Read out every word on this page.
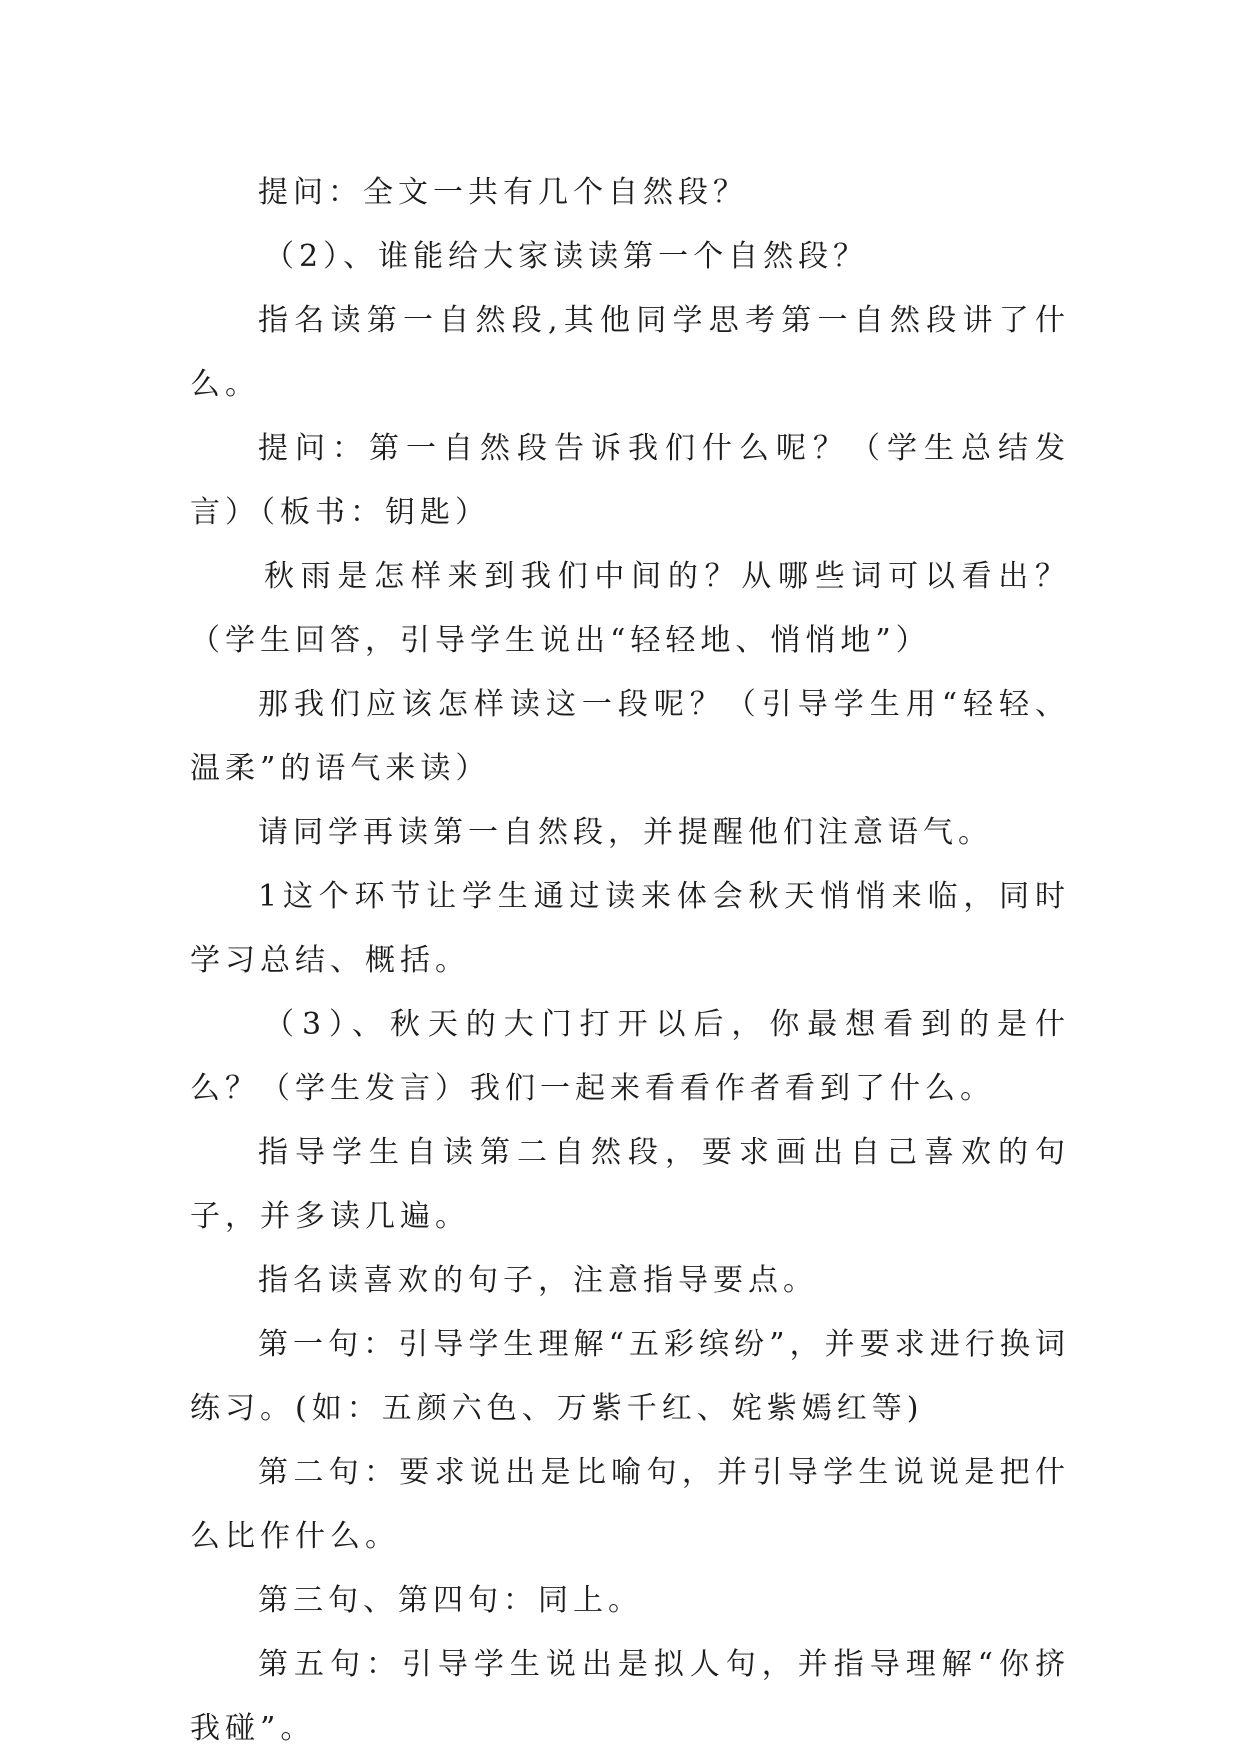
提问：全文一共有几个自然段？

（2）、谁能给大家读读第一个自然段？

指名读第一自然段,其他同学思考第一自然段讲了什么。

提问：第一自然段告诉我们什么呢？（学生总结发言）（板书：钥匙）

秋雨是怎样来到我们中间的？从哪些词可以看出？（学生回答，引导学生说出“轻轻地、悄悄地”）

那我们应该怎样读这一段呢？（引导学生用“轻轻、温柔”的语气来读）

请同学再读第一自然段，并提醒他们注意语气。

1这个环节让学生通过读来体会秋天悄悄来临，同时学习总结、概括。

（3）、秋天的大门打开以后，你最想看到的是什么？（学生发言）我们一起来看看作者看到了什么。

指导学生自读第二自然段，要求画出自己喜欢的句子，并多读几遍。

指名读喜欢的句子，注意指导要点。

第一句：引导学生理解“五彩缤纷”，并要求进行换词练习。(如：五颜六色、万紫千红、姹紫嫣红等)

第二句：要求说出是比喻句，并引导学生说说是把什么比作什么。

第三句、第四句：同上。

第五句：引导学生说出是拟人句，并指导理解“你挤我碰”。
